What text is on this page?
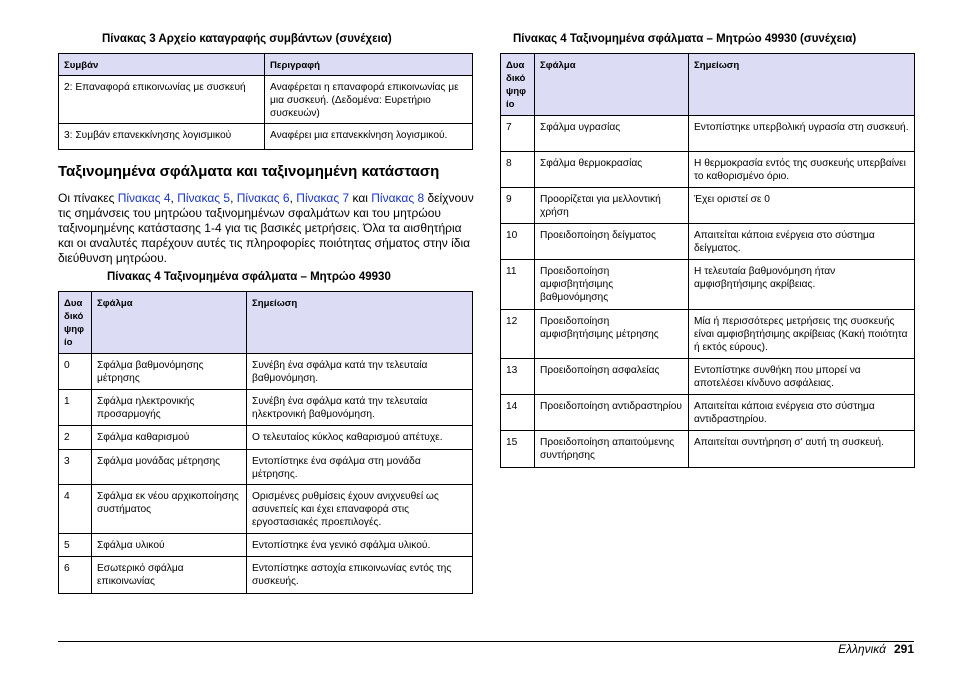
Πίνακας 3 Αρχείο καταγραφής συμβάντων (συνέχεια)
Συμβάν	Περιγραφή
2: Επαναφορά επικοινωνίας με συσκευή	Αναφέρεται η επαναφορά επικοινωνίας με μια συσκευή. (Δεδομένα: Ευρετήριο συσκευών)
3: Συμβάν επανεκκίνησης λογισμικού	Αναφέρει μια επανεκκίνηση λογισμικού.
Ταξινομημένα σφάλματα και ταξινομημένη κατάσταση
Οι πίνακες Πίνακας 4, Πίνακας 5, Πίνακας 6, Πίνακας 7 και Πίνακας 8 δείχνουν τις σημάνσεις του μητρώου ταξινομημένων σφαλμάτων και του μητρώου ταξινομημένης κατάστασης 1-4 για τις βασικές μετρήσεις. Όλα τα αισθητήρια και οι αναλυτές παρέχουν αυτές τις πληροφορίες ποιότητας σήματος στην ίδια διεύθυνση μητρώου.
Πίνακας 4 Ταξινομημένα σφάλματα – Μητρώο 49930
Δυα δικό ψηφ ίο	Σφάλμα	Σημείωση
0	Σφάλμα βαθμονόμησης μέτρησης	Συνέβη ένα σφάλμα κατά την τελευταία βαθμονόμηση.
1	Σφάλμα ηλεκτρονικής προσαρμογής	Συνέβη ένα σφάλμα κατά την τελευταία ηλεκτρονική βαθμονόμηση.
2	Σφάλμα καθαρισμού	Ο τελευταίος κύκλος καθαρισμού απέτυχε.
3	Σφάλμα μονάδας μέτρησης	Εντοπίστηκε ένα σφάλμα στη μονάδα μέτρησης.
4	Σφάλμα εκ νέου αρχικοποίησης συστήματος	Ορισμένες ρυθμίσεις έχουν ανιχνευθεί ως ασυνεπείς και έχει επαναφορά στις εργοστασιακές προεπιλογές.
5	Σφάλμα υλικού	Εντοπίστηκε ένα γενικό σφάλμα υλικού.
6	Εσωτερικό σφάλμα επικοινωνίας	Εντοπίστηκε αστοχία επικοινωνίας εντός της συσκευής.
Πίνακας 4 Ταξινομημένα σφάλματα – Μητρώο 49930 (συνέχεια)
Δυα δικό ψηφ ίο	Σφάλμα	Σημείωση
7	Σφάλμα υγρασίας	Εντοπίστηκε υπερβολική υγρασία στη συσκευή.
8	Σφάλμα θερμοκρασίας	Η θερμοκρασία εντός της συσκευής υπερβαίνει το καθορισμένο όριο.
9	Προορίζεται για μελλοντική χρήση	Έχει οριστεί σε 0
10	Προειδοποίηση δείγματος	Απαιτείται κάποια ενέργεια στο σύστημα δείγματος.
11	Προειδοποίηση αμφισβητήσιμης βαθμονόμησης	Η τελευταία βαθμονόμηση ήταν αμφισβητήσιμης ακρίβειας.
12	Προειδοποίηση αμφισβητήσιμης μέτρησης	Μία ή περισσότερες μετρήσεις της συσκευής είναι αμφισβητήσιμης ακρίβειας (Κακή ποιότητα ή εκτός εύρους).
13	Προειδοποίηση ασφαλείας	Εντοπίστηκε συνθήκη που μπορεί να αποτελέσει κίνδυνο ασφάλειας.
14	Προειδοποίηση αντιδραστηρίου	Απαιτείται κάποια ενέργεια στο σύστημα αντιδραστηρίου.
15	Προειδοποίηση απαιτούμενης συντήρησης	Απαιτείται συντήρηση σ' αυτή τη συσκευή.
Ελληνικά 291
